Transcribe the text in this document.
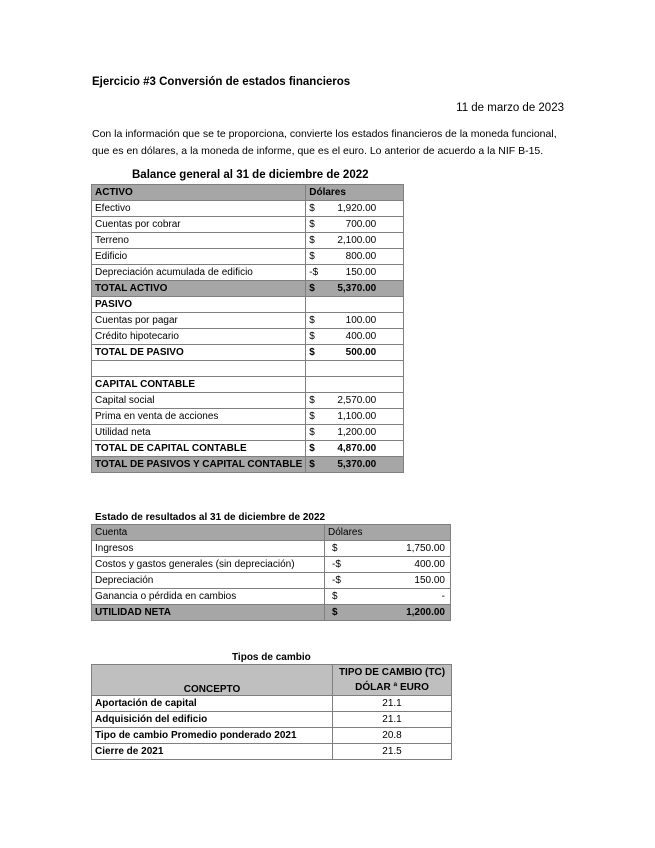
Ejercicio #3 Conversión de estados financieros
11 de marzo de 2023
Con la información que se te proporciona, convierte los estados financieros de la moneda funcional, que es en dólares, a la moneda de informe, que es el euro. Lo anterior de acuerdo a la NIF B-15.
Balance general al 31 de diciembre de 2022
ACTIVO	Dólares
Efectivo	$ 1,920.00

Cuentas por cobrar	$ 700.00

Terreno	$ 2,100.00

Edificio	$ 800.00

Depreciación acumulada de edificio	-$ 150.00

TOTAL ACTIVO	$ 5,370.00

PASIVO	

Cuentas por pagar	$ 100.00

Crédito hipotecario	$ 400.00

TOTAL DE PASIVO	$ 500.00

CAPITAL CONTABLE	

Capital social	$ 2,570.00

Prima en venta de acciones	$ 1,100.00

Utilidad neta	$ 1,200.00

TOTAL DE CAPITAL CONTABLE	$ 4,870.00

TOTAL DE PASIVOS Y CAPITAL CONTABLE	$ 5,370.00
Estado de resultados al 31 de diciembre de 2022
Cuenta	Dólares
Ingresos	$ 1,750.00

Costos y gastos generales (sin depreciación)	-$ 400.00

Depreciación	-$ 150.00

Ganancia o pérdida en cambios	$ -

UTILIDAD NETA	$ 1,200.00
Tipos de cambio
CONCEPTO	TIPO DE CAMBIO (TC)
DÓLAR ª EURO

Aportación de capital	21.1
Adquisición del edificio	21.1
Tipo de cambio Promedio ponderado 2021	20.8
Cierre de 2021	21.5
